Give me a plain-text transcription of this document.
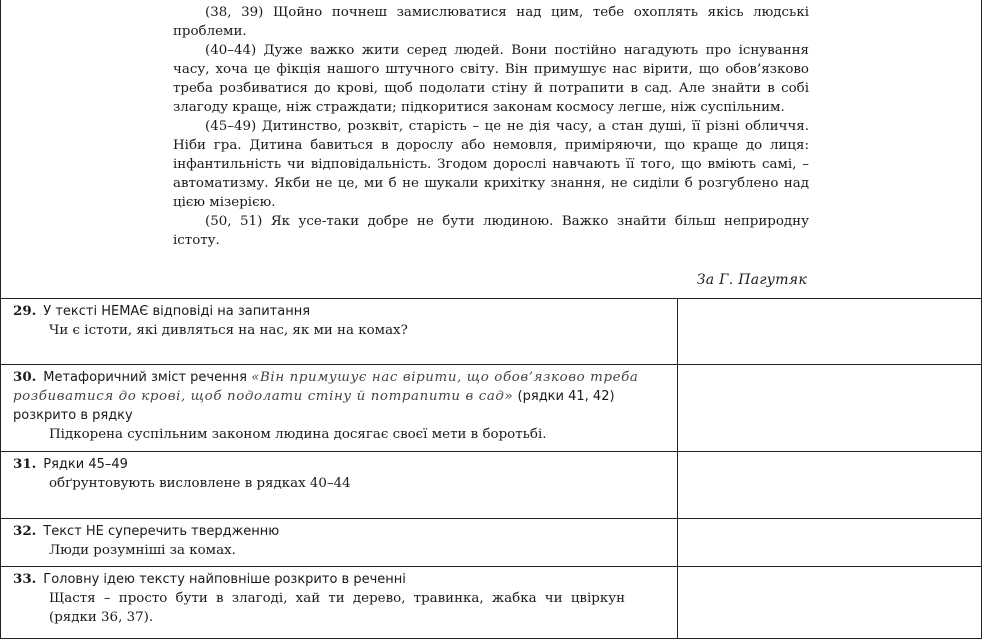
(38, 39) Щойно почнеш замислюватися над цим, тебе охоплять якісь людські проблеми.

(40–44) Дуже важко жити серед людей. Вони постійно нагадують про існування часу, хоча це фікція нашого штучного світу. Він примушує нас вірити, що обов’язково треба розбиватися до крові, щоб подолати стіну й потрапити в сад. Але знайти в собі злагоду краще, ніж страждати; підкоритися законам космосу легше, ніж суспільним.

(45–49) Дитинство, розквіт, старість – це не дія часу, а стан душі, її різні обличчя. Ніби гра. Дитина бавиться в дорослу або немовля, приміряючи, що краще до лиця: інфантильність чи відповідальність. Згодом дорослі навчають її того, що вміють самі, – автоматизму. Якби не це, ми б не шукали крихітку знання, не сиділи б розгублено над цією мізерією.

(50, 51) Як усе-таки добре не бути людиною. Важко знайти більш неприродну істоту.

За Г. Пагутяк
29. У тексті НЕМАЄ відповіді на запитання
Чи є істоти, які дивляться на нас, як ми на комах?
30. Метафоричний зміст речення «Він примушує нас вірити, що обов’язково треба розбиватися до крові, щоб подолати стіну й потрапити в сад» (рядки 41, 42) розкрито в рядку
Підкорена суспільним законом людина досягає своєї мети в боротьбі.
31. Рядки 45–49
обґрунтовують висловлене в рядках 40–44
32. Текст НЕ суперечить твердженню
Люди розумніші за комах.
33. Головну ідею тексту найповніше розкрито в реченні
Щастя – просто бути в злагоді, хай ти дерево, травинка, жабка чи цвіркун (рядки 36, 37).
